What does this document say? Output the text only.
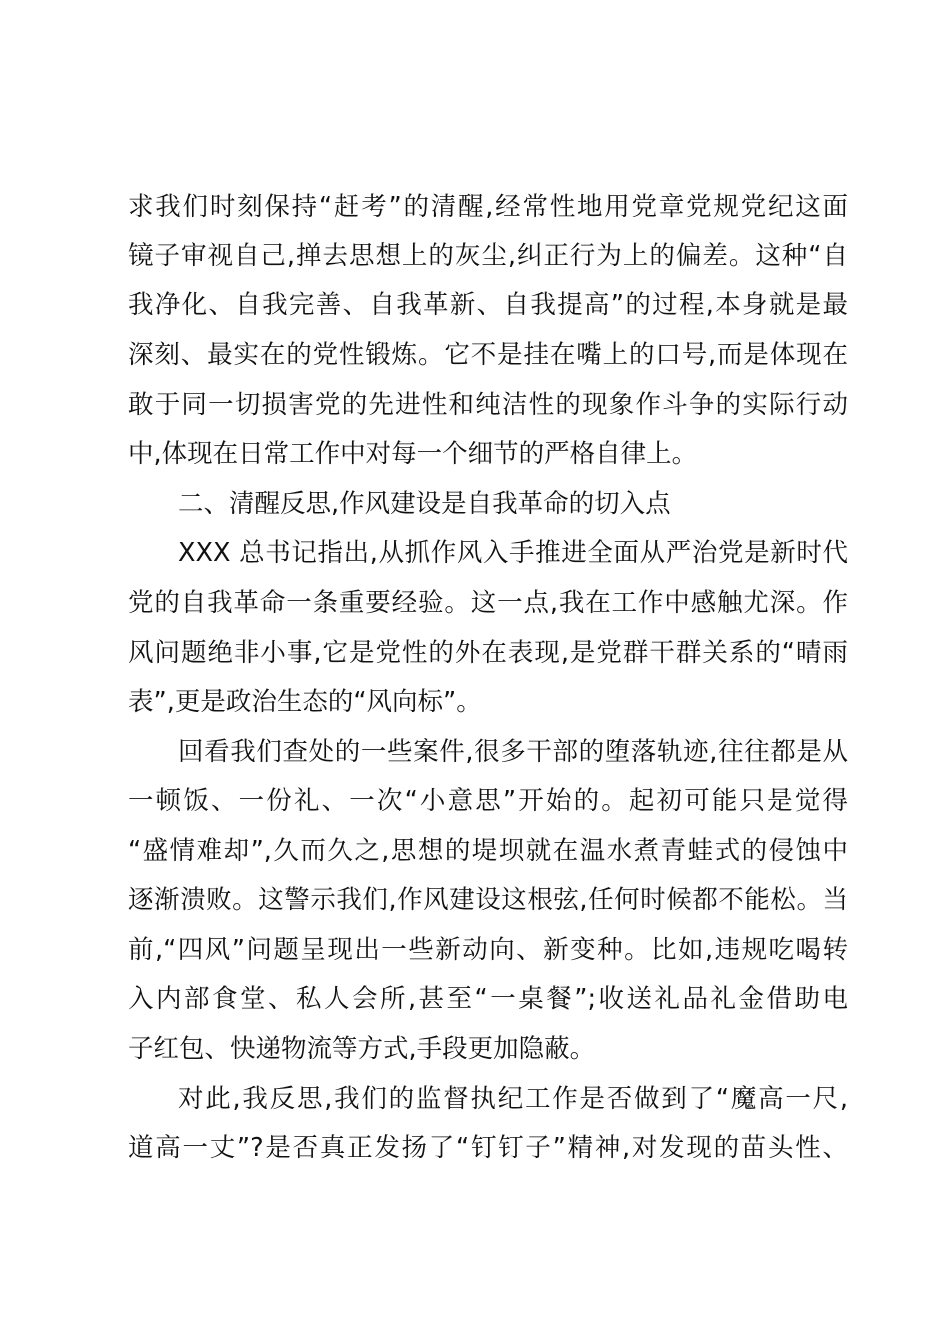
求我们时刻保持“赶考”的清醒,经常性地用党章党规党纪这面
镜子审视自己,掸去思想上的灰尘,纠正行为上的偏差。这种“自
我净化、自我完善、自我革新、自我提高”的过程,本身就是最
深刻、最实在的党性锻炼。它不是挂在嘴上的口号,而是体现在
敢于同一切损害党的先进性和纯洁性的现象作斗争的实际行动
中,体现在日常工作中对每一个细节的严格自律上。
二、清醒反思,作风建设是自我革命的切入点
XXX 总书记指出,从抓作风入手推进全面从严治党是新时代
党的自我革命一条重要经验。这一点,我在工作中感触尤深。作
风问题绝非小事,它是党性的外在表现,是党群干群关系的“晴雨
表”,更是政治生态的“风向标”。
回看我们查处的一些案件,很多干部的堕落轨迹,往往都是从
一顿饭、一份礼、一次“小意思”开始的。起初可能只是觉得
“盛情难却”,久而久之,思想的堤坝就在温水煮青蛙式的侵蚀中
逐渐溃败。这警示我们,作风建设这根弦,任何时候都不能松。当
前,“四风”问题呈现出一些新动向、新变种。比如,违规吃喝转
入内部食堂、私人会所,甚至“一桌餐”;收送礼品礼金借助电
子红包、快递物流等方式,手段更加隐蔽。
对此,我反思,我们的监督执纪工作是否做到了“魔高一尺,
道高一丈”?是否真正发扬了“钉钉子”精神,对发现的苗头性、
